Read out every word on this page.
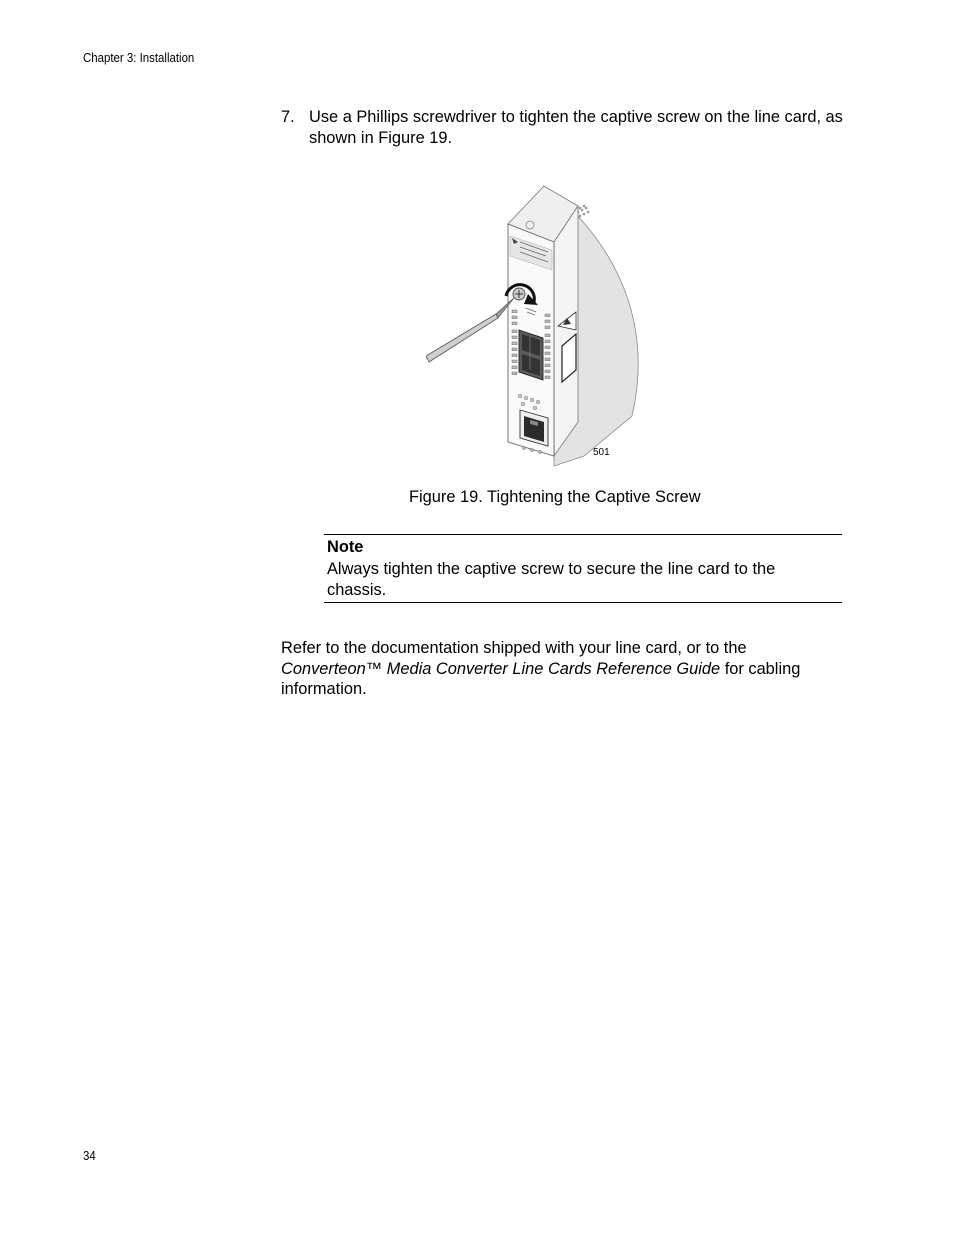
Chapter 3: Installation
7. Use a Phillips screwdriver to tighten the captive screw on the line card, as shown in Figure 19.
501
Figure 19. Tightening the Captive Screw
Note
Always tighten the captive screw to secure the line card to the chassis.
Refer to the documentation shipped with your line card, or to the Converteon™ Media Converter Line Cards Reference Guide for cabling information.
34
